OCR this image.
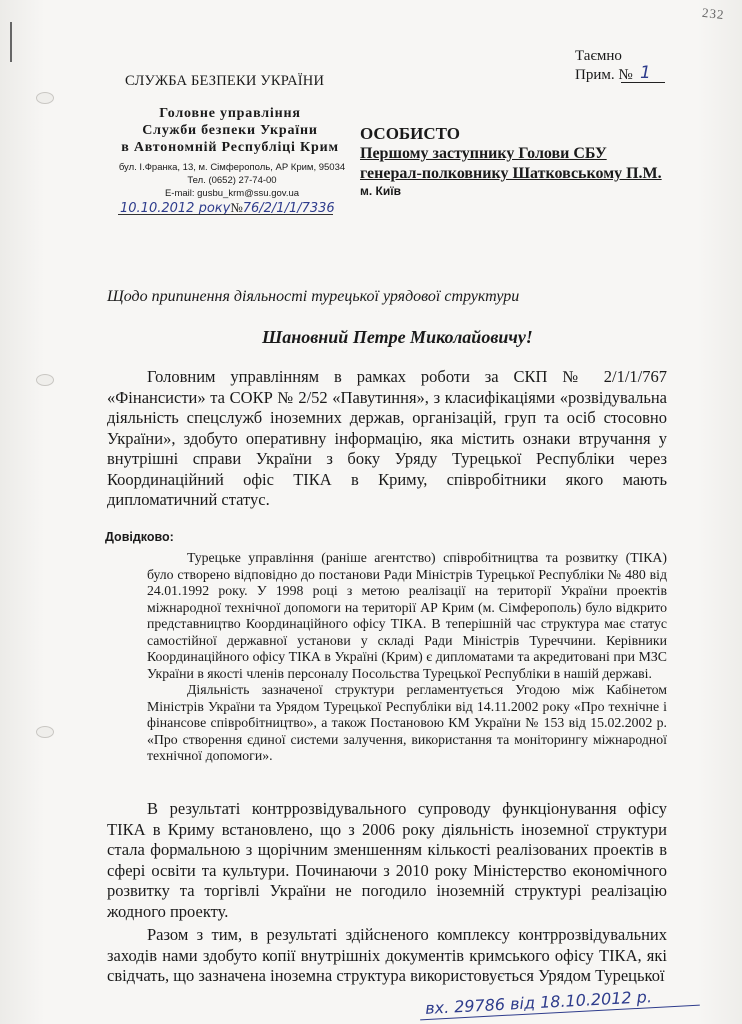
232
Таємно
Прим. № 1
СЛУЖБА БЕЗПЕКИ УКРАЇНИ
Головне управління
Служби безпеки України
в Автономній Республіці Крим
бул. І.Франка, 13, м. Сімферополь, АР Крим, 95034
Тел. (0652) 27-74-00
E-mail: gusbu_krm@ssu.gov.ua
10.10.2012 року№76/2/1/1/7336
ОСОБИСТО
Першому заступнику Голови СБУ
генерал-полковнику Шатковському П.М.
м. Київ
Щодо припинення діяльності турецької урядової структури
Шановний Петре Миколайовичу!
Головним управлінням в рамках роботи за СКП № 2/1/1/767 «Фінансисти» та СОКР № 2/52 «Павутиння», з класифікаціями «розвідувальна діяльність спецслужб іноземних держав, організацій, груп та осіб стосовно України», здобуто оперативну інформацію, яка містить ознаки втручання у внутрішні справи України з боку Уряду Турецької Республіки через Координаційний офіс ТІКА в Криму, співробітники якого мають дипломатичний статус.
Довідково:

Турецьке управління (раніше агентство) співробітництва та розвитку (ТІКА) було створено відповідно до постанови Ради Міністрів Турецької Республіки № 480 від 24.01.1992 року. У 1998 році з метою реалізації на території України проектів міжнародної технічної допомоги на території АР Крим (м. Сімферополь) було відкрито представництво Координаційного офісу ТІКА. В теперішній час структура має статус самостійної державної установи у складі Ради Міністрів Туреччини. Керівники Координаційного офісу ТІКА в Україні (Крим) є дипломатами та акредитовані при МЗС України в якості членів персоналу Посольства Турецької Республіки в нашій державі.

Діяльність зазначеної структури регламентується Угодою між Кабінетом Міністрів України та Урядом Турецької Республіки від 14.11.2002 року «Про технічне і фінансове співробітництво», а також Постановою КМ України № 153 від 15.02.2002 р. «Про створення єдиної системи залучення, використання та моніторингу міжнародної технічної допомоги».

В результаті контррозвідувального супроводу функціонування офісу ТІКА в Криму встановлено, що з 2006 року діяльність іноземної структури стала формальною з щорічним зменшенням кількості реалізованих проектів в сфері освіти та культури. Починаючи з 2010 року Міністерство економічного розвитку та торгівлі України не погодило іноземній структурі реалізацію жодного проекту.

Разом з тим, в результаті здійсненого комплексу контррозвідувальних заходів нами здобуто копії внутрішніх документів кримського офісу ТІКА, які свідчать, що зазначена іноземна структура використовується Урядом Турецької

вх. 29786 від 18.10.2012 р.
